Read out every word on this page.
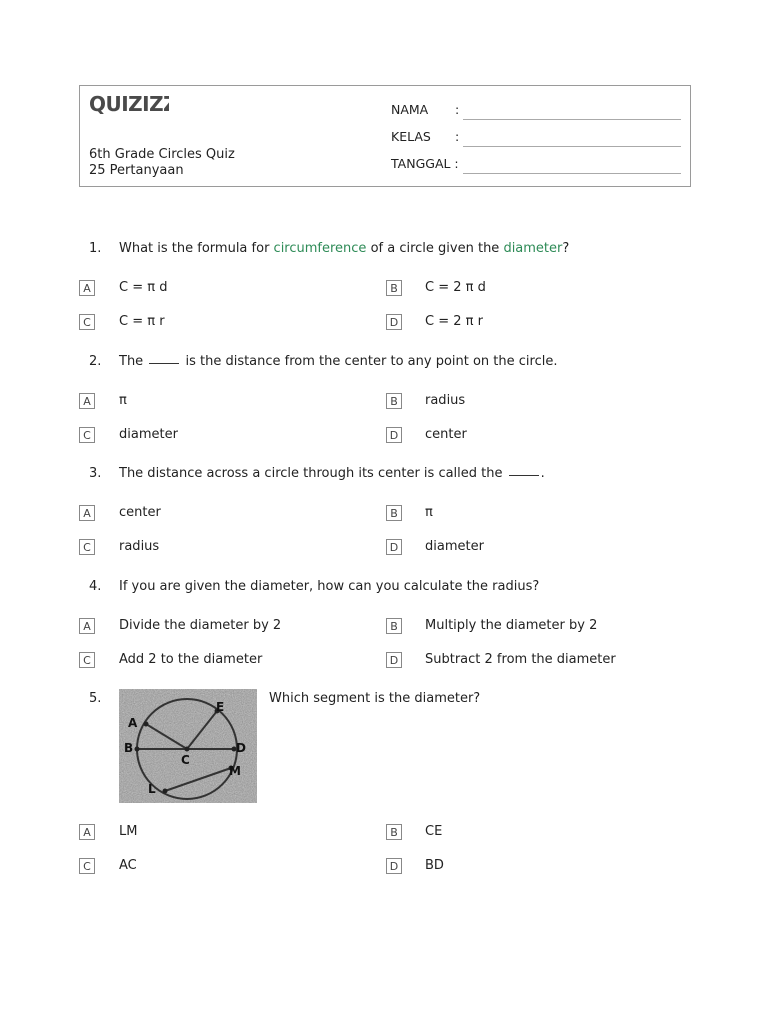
QUIZIZZ
6th Grade Circles Quiz
25 Pertanyaan
NAMA :
KELAS :
TANGGAL :
1. What is the formula for circumference of a circle given the diameter?
A	C = π d	B	C = 2 π d
C	C = π r	D C = 2 π r
2. The	is the distance from the center to any point on the circle.
A	π	B	radius
C	diameter	D center
3. The distance across a circle through its center is called the	.
A	center	B	π
C	radius	D diameter
4. If you are given the diameter, how can you calculate the radius?
A	Divide the diameter by 2	B	Multiply the diameter by 2
C	Add 2 to the diameter	D Subtract 2 from the diameter
5.
A
E
B	D
C
M
L
Which segment is the diameter?
A	LM	B	CE
C	AC	D BD
